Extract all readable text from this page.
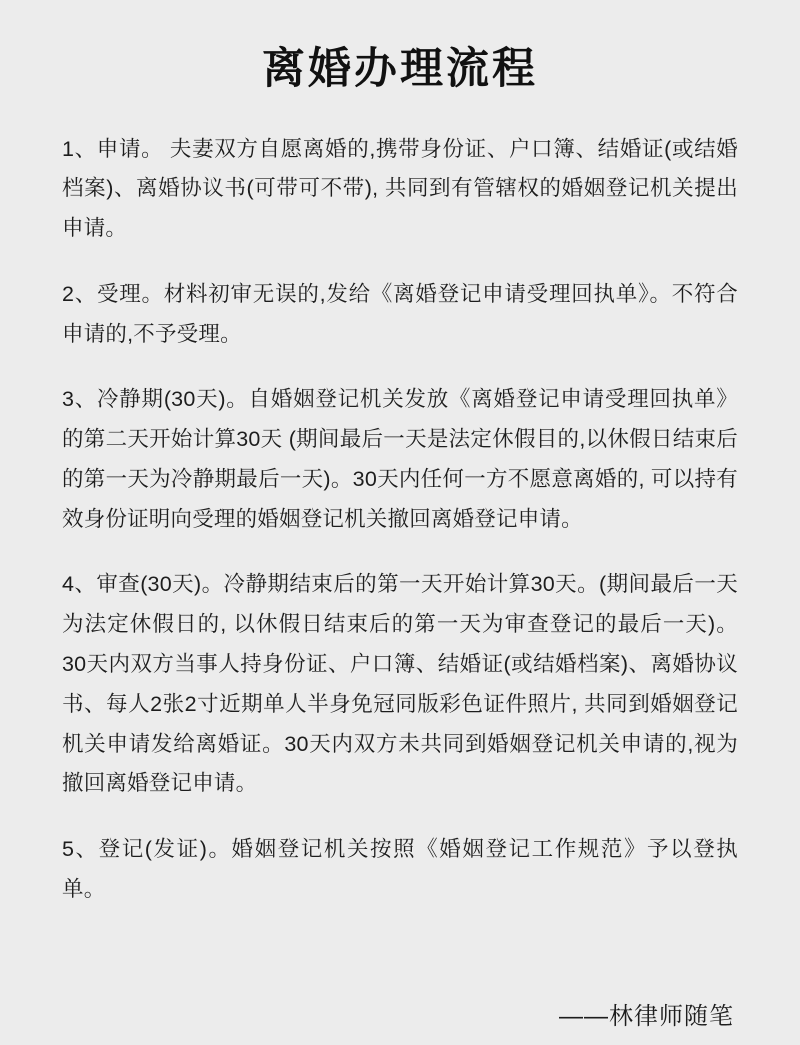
离婚办理流程

1、申请。 夫妻双方自愿离婚的,携带身份证、户口簿、结婚证(或结婚档案)、离婚协议书(可带可不带), 共同到有管辖权的婚姻登记机关提出申请。

2、受理。材料初审无误的,发给《离婚登记申请受理回执单》。不符合申请的,不予受理。

3、冷静期(30天)。自婚姻登记机关发放《离婚登记申请受理回执单》的第二天开始计算30天 (期间最后一天是法定休假目的,以休假日结束后的第一天为冷静期最后一天)。30天内任何一方不愿意离婚的, 可以持有效身份证明向受理的婚姻登记机关撤回离婚登记申请。

4、审查(30天)。冷静期结束后的第一天开始计算30天。(期间最后一天为法定休假日的, 以休假日结束后的第一天为审查登记的最后一天)。 30天内双方当事人持身份证、户口簿、结婚证(或结婚档案)、离婚协议书、每人2张2寸近期单人半身免冠同版彩色证件照片, 共同到婚姻登记机关申请发给离婚证。30天内双方未共同到婚姻登记机关申请的,视为撤回离婚登记申请。

5、登记(发证)。婚姻登记机关按照《婚姻登记工作规范》予以登执单。

——林律师随笔
